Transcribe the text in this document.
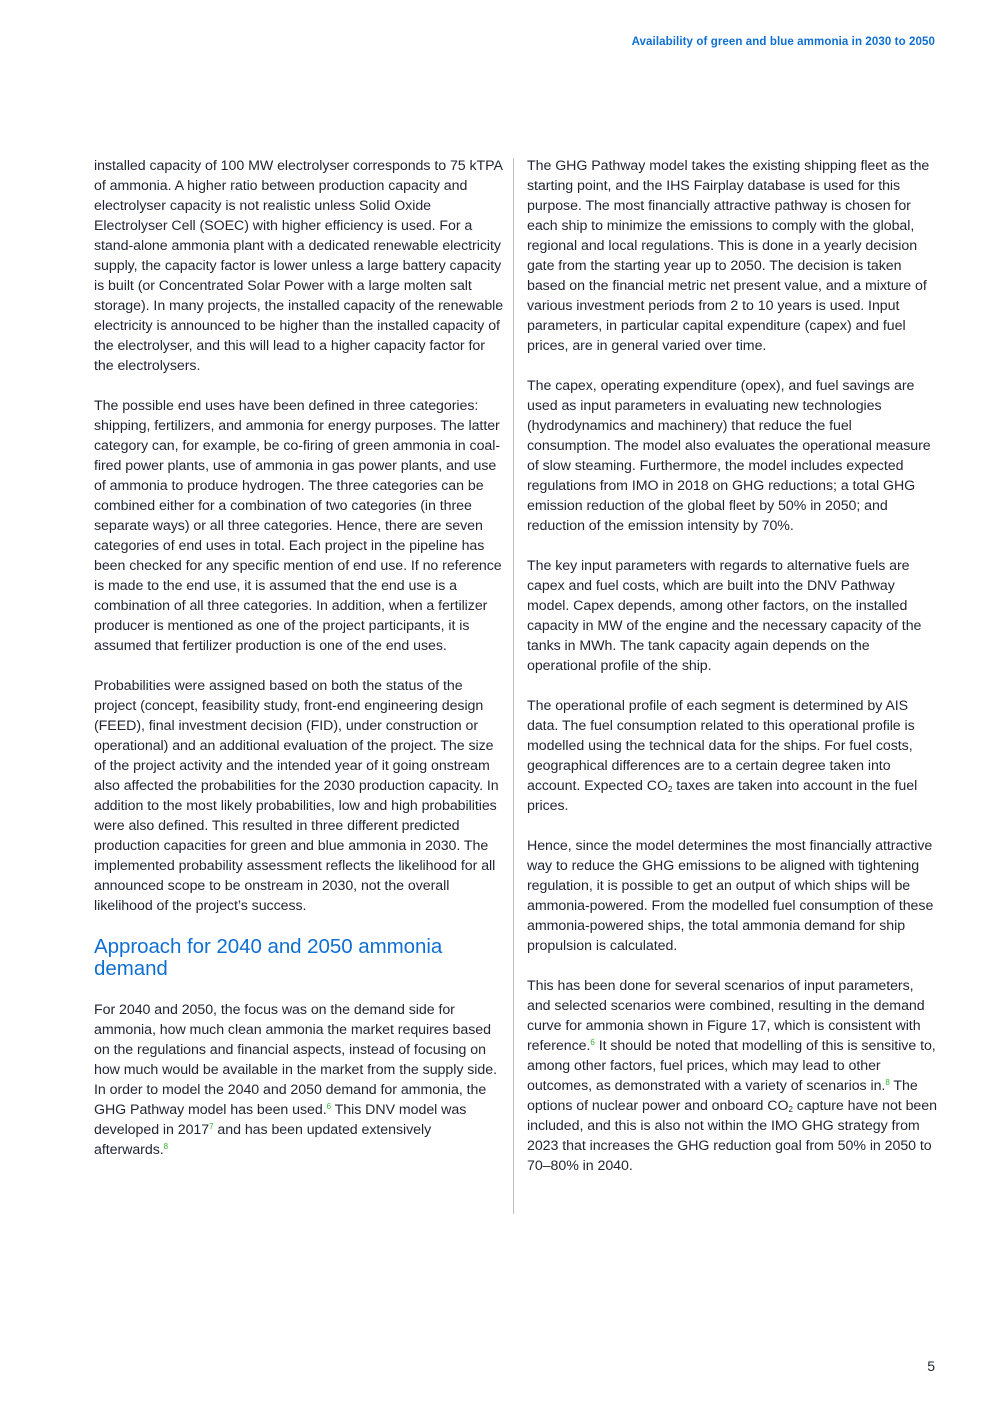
Availability of green and blue ammonia in 2030 to 2050

installed capacity of 100 MW electrolyser corresponds to 75 kTPA of ammonia. A higher ratio between production capacity and electrolyser capacity is not realistic unless Solid Oxide Electrolyser Cell (SOEC) with higher efficiency is used. For a stand-alone ammonia plant with a dedicated renewable electricity supply, the capacity factor is lower unless a large battery capacity is built (or Concentrated Solar Power with a large molten salt storage). In many projects, the installed capacity of the renewable electricity is announced to be higher than the installed capacity of the electrolyser, and this will lead to a higher capacity factor for the electrolysers.

The possible end uses have been defined in three categories: shipping, fertilizers, and ammonia for energy purposes. The latter category can, for example, be co-firing of green ammonia in coal-fired power plants, use of ammonia in gas power plants, and use of ammonia to produce hydrogen. The three categories can be combined either for a combination of two categories (in three separate ways) or all three categories. Hence, there are seven categories of end uses in total. Each project in the pipeline has been checked for any specific mention of end use. If no reference is made to the end use, it is assumed that the end use is a combination of all three categories. In addition, when a fertilizer producer is mentioned as one of the project participants, it is assumed that fertilizer production is one of the end uses.

Probabilities were assigned based on both the status of the project (concept, feasibility study, front-end engineering design (FEED), final investment decision (FID), under construction or operational) and an additional evaluation of the project. The size of the project activity and the intended year of it going onstream also affected the probabilities for the 2030 production capacity. In addition to the most likely probabilities, low and high probabilities were also defined. This resulted in three different predicted production capacities for green and blue ammonia in 2030. The implemented probability assessment reflects the likelihood for all announced scope to be onstream in 2030, not the overall likelihood of the project’s success.

Approach for 2040 and 2050 ammonia demand

For 2040 and 2050, the focus was on the demand side for ammonia, how much clean ammonia the market requires based on the regulations and financial aspects, instead of focusing on how much would be available in the market from the supply side. In order to model the 2040 and 2050 demand for ammonia, the GHG Pathway model has been used.$^6$ This DNV model was developed in 2017$^7$ and has been updated extensively afterwards.$^8$

The GHG Pathway model takes the existing shipping fleet as the starting point, and the IHS Fairplay database is used for this purpose. The most financially attractive pathway is chosen for each ship to minimize the emissions to comply with the global, regional and local regulations. This is done in a yearly decision gate from the starting year up to 2050. The decision is taken based on the financial metric net present value, and a mixture of various investment periods from 2 to 10 years is used. Input parameters, in particular capital expenditure (capex) and fuel prices, are in general varied over time.

The capex, operating expenditure (opex), and fuel savings are used as input parameters in evaluating new technologies (hydrodynamics and machinery) that reduce the fuel consumption. The model also evaluates the operational measure of slow steaming. Furthermore, the model includes expected regulations from IMO in 2018 on GHG reductions; a total GHG emission reduction of the global fleet by 50% in 2050; and reduction of the emission intensity by 70%.

The key input parameters with regards to alternative fuels are capex and fuel costs, which are built into the DNV Pathway model. Capex depends, among other factors, on the installed capacity in MW of the engine and the necessary capacity of the tanks in MWh. The tank capacity again depends on the operational profile of the ship.

The operational profile of each segment is determined by AIS data. The fuel consumption related to this operational profile is modelled using the technical data for the ships. For fuel costs, geographical differences are to a certain degree taken into account. Expected $CO_2$ taxes are taken into account in the fuel prices.

Hence, since the model determines the most financially attractive way to reduce the GHG emissions to be aligned with tightening regulation, it is possible to get an output of which ships will be ammonia-powered. From the modelled fuel consumption of these ammonia-powered ships, the total ammonia demand for ship propulsion is calculated.

This has been done for several scenarios of input parameters, and selected scenarios were combined, resulting in the demand curve for ammonia shown in Figure 17, which is consistent with reference.$^6$ It should be noted that modelling of this is sensitive to, among other factors, fuel prices, which may lead to other outcomes, as demonstrated with a variety of scenarios in.$^8$ The options of nuclear power and onboard $CO_2$ capture have not been included, and this is also not within the IMO GHG strategy from 2023 that increases the GHG reduction goal from 50% in 2050 to 70–80% in 2040.

5
